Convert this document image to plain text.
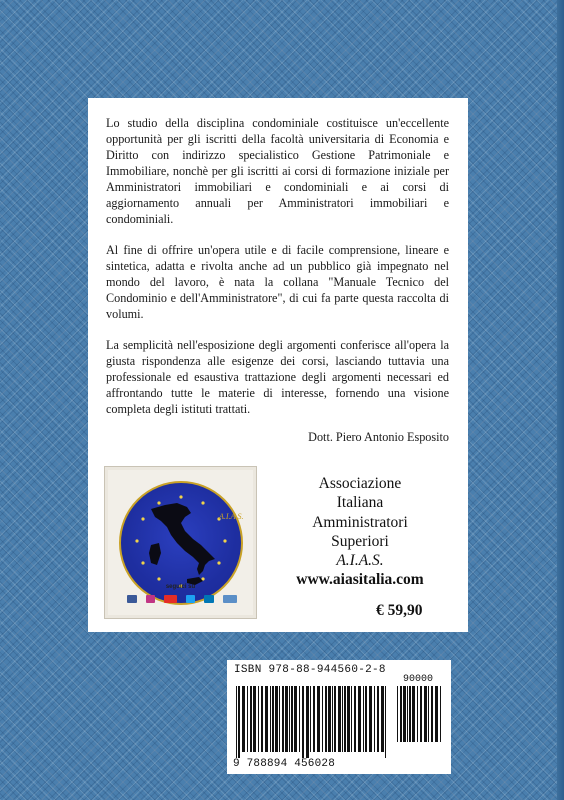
Lo studio della disciplina condominiale costituisce un'eccellente opportunità per gli iscritti della facoltà universitaria di Economia e Diritto con indirizzo specialistico Gestione Patrimoniale e Immobiliare, nonchè per gli iscritti ai corsi di formazione iniziale per Amministratori immobiliari e condominiali e ai corsi di aggiornamento annuali per Amministratori immobiliari e condominiali.

Al fine di offrire un'opera utile e di facile comprensione, lineare e sintetica, adatta e rivolta anche ad un pubblico già impegnato nel mondo del lavoro, è nata la collana "Manuale Tecnico del Condominio e dell'Amministratore", di cui fa parte questa raccolta di volumi.

La semplicità nell'esposizione degli argomenti conferisce all'opera la giusta rispondenza alle esigenze dei corsi, lasciando tuttavia una professionale ed esaustiva trattazione degli argomenti necessari ed affrontando tutte le materie di interesse, fornendo una visione completa degli istituti trattati.

Dott. Piero Antonio Esposito
A.I.A.S.
seguici su
Associazione
Italiana
Amministratori
Superiori
A.I.A.S.
www.aiasitalia.com
€ 59,90
ISBN 978-88-944560-2-8
90000
9 788894 456028
